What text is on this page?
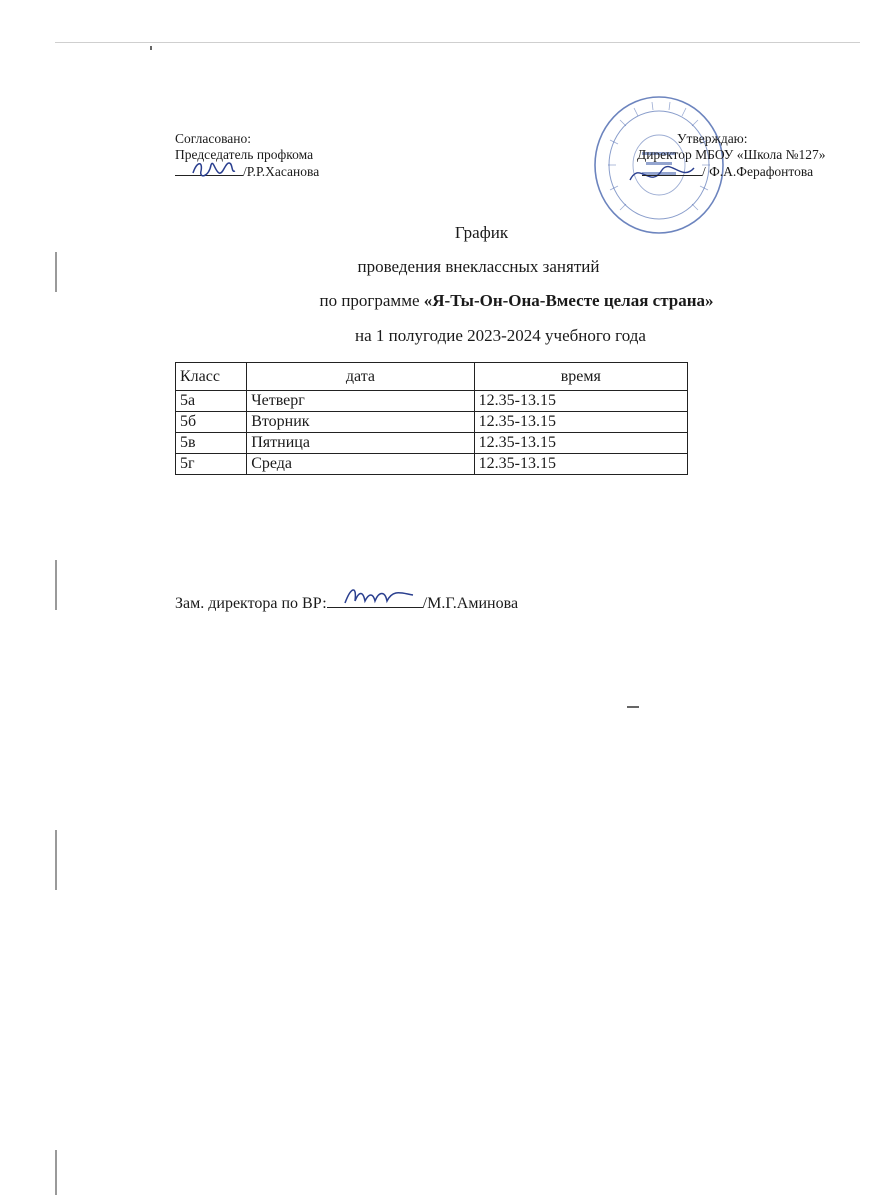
Согласовано:
Председатель профкома
/Р.Р.Хасанова
Утверждаю:
Директор МБОУ «Школа №127»
/ Ф.А.Ферафонтова
График
проведения внеклассных занятий
по программе «Я-Ты-Он-Она-Вместе целая страна»
на 1 полугодие 2023-2024 учебного года
Класс	дата	время
5а	Четверг	12.35-13.15
5б	Вторник	12.35-13.15
5в	Пятница	12.35-13.15
5г	Среда	12.35-13.15
Зам. директора по ВР:	/М.Г.Аминова
